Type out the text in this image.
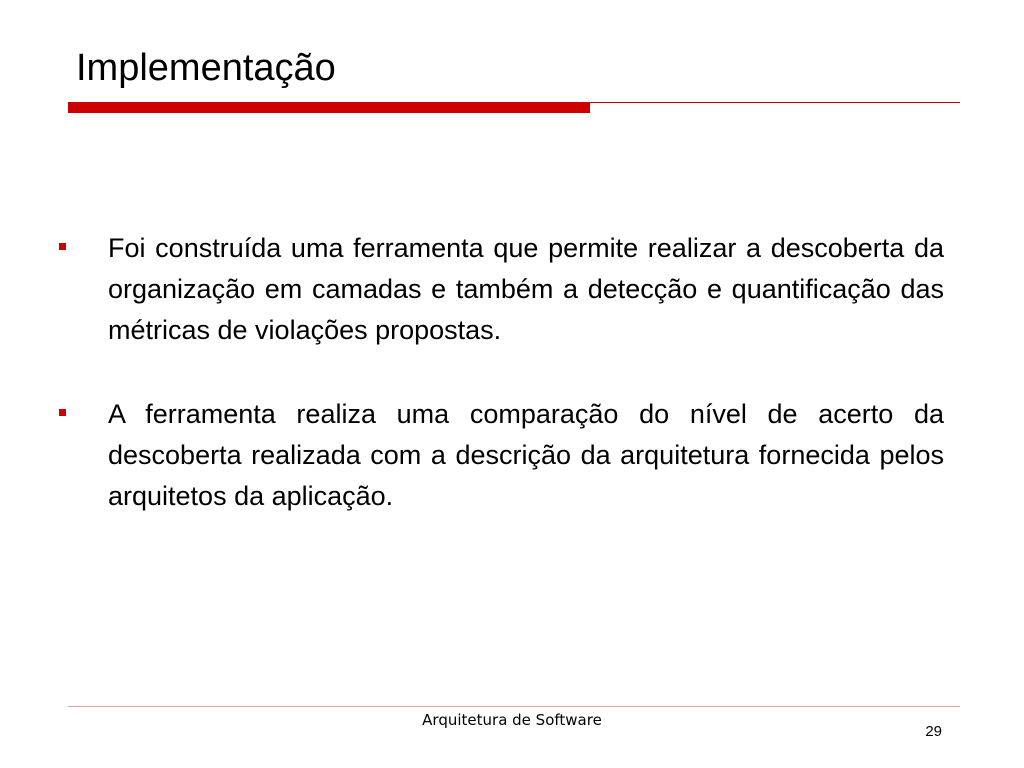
Implementação
Foi construída uma ferramenta que permite realizar a descoberta da organização em camadas e também a detecção e quantificação das métricas de violações propostas.
A ferramenta realiza uma comparação do nível de acerto da descoberta realizada com a descrição da arquitetura fornecida pelos arquitetos da aplicação.
Arquitetura de Software
29
